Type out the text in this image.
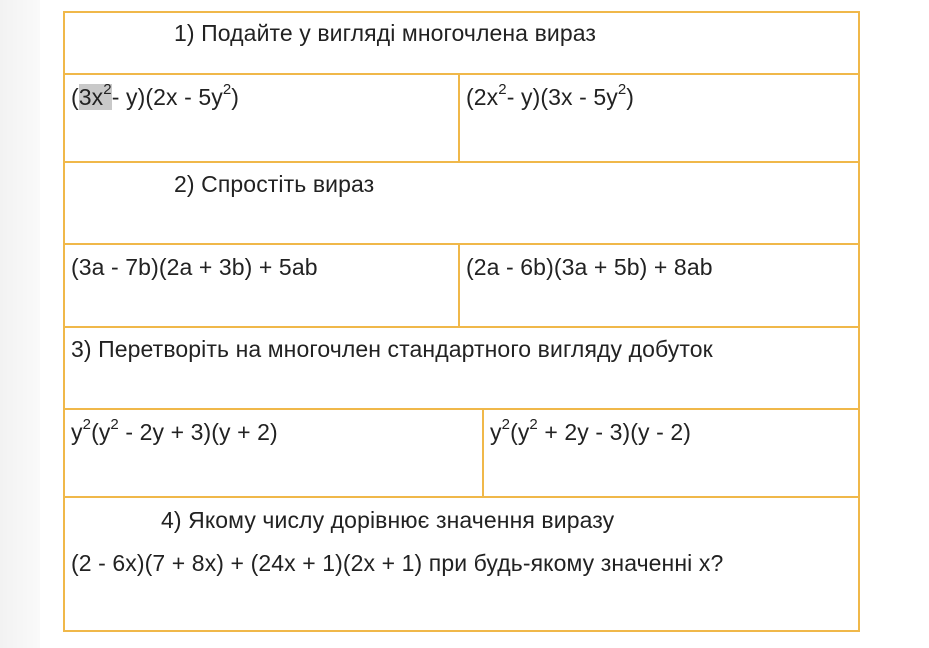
1) Подайте у вигляді многочлена вираз
($3x^2-$ $y)(2x - 5y^2)$	($2x^2-$ $y)(3x - 5y^2)$
2) Спростіть вираз
(3a - 7b)(2a + 3b) + 5ab	(2a - 6b)(3a + 5b) + 8ab
3) Перетворіть на многочлен стандартного вигляду добуток
$y^2(y^2 - 2y + 3)(y + 2)$	$y^2(y^2 + 2y - 3)(y - 2)$
4) Якому числу дорівнює значення виразу
(2 - 6x)(7 + 8x) + (24x + 1)(2x + 1) при будь-якому значенні x?
